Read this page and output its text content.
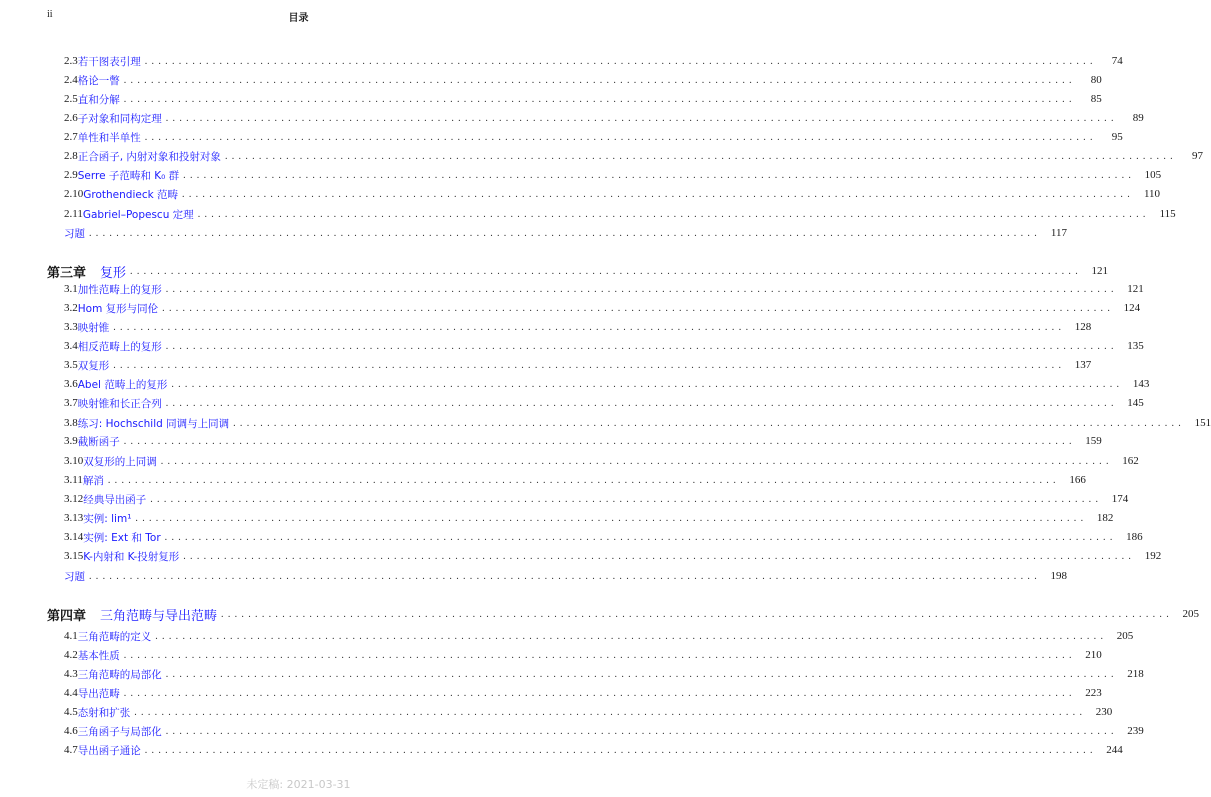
ii	目录
2.3 若干图表引理 ............................................................................................................................................	74
2.4 格论一瞥 ............................................................................................................................................	80
2.5 直和分解 ............................................................................................................................................	85
2.6 子对象和同构定理 ............................................................................................................................................	89
2.7 单性和半单性 ............................................................................................................................................	95
2.8 正合函子, 内射对象和投射对象 ............................................................................................................................................	97
2.9 Serre 子范畴和 K₀ 群 ............................................................................................................................................ 105
2.10 Grothendieck 范畴 ............................................................................................................................................ 110
2.11 Gabriel–Popescu 定理 ............................................................................................................................................ 115
习题 ............................................................................................................................................ 117
第三章 复形 ............................................................................................................................................ 121
3.1 加性范畴上的复形 ............................................................................................................................................ 121
3.2 Hom 复形与同伦 ............................................................................................................................................ 124
3.3 映射锥 ............................................................................................................................................ 128
3.4 相反范畴上的复形 ............................................................................................................................................ 135
3.5 双复形 ............................................................................................................................................ 137
3.6 Abel 范畴上的复形 ............................................................................................................................................ 143
3.7 映射锥和长正合列 ............................................................................................................................................ 145
3.8 练习: Hochschild 同调与上同调 ............................................................................................................................................ 151
3.9 截断函子 ............................................................................................................................................ 159
3.10 双复形的上同调 ............................................................................................................................................ 162
3.11 解消 ............................................................................................................................................ 166
3.12 经典导出函子 ............................................................................................................................................ 174
3.13 实例: lim¹ ............................................................................................................................................ 182
3.14 实例: Ext 和 Tor ............................................................................................................................................ 186
3.15 K-内射和 K-投射复形 ............................................................................................................................................ 192
习题 ............................................................................................................................................ 198
第四章 三角范畴与导出范畴 ............................................................................................................................................ 205
4.1 三角范畴的定义 ............................................................................................................................................ 205
4.2 基本性质 ............................................................................................................................................ 210
4.3 三角范畴的局部化 ............................................................................................................................................ 218
4.4 导出范畴 ............................................................................................................................................ 223
4.5 态射和扩张 ............................................................................................................................................ 230
4.6 三角函子与局部化 ............................................................................................................................................ 239
4.7 导出函子通论 ............................................................................................................................................ 244
未定稿: 2021-03-31
